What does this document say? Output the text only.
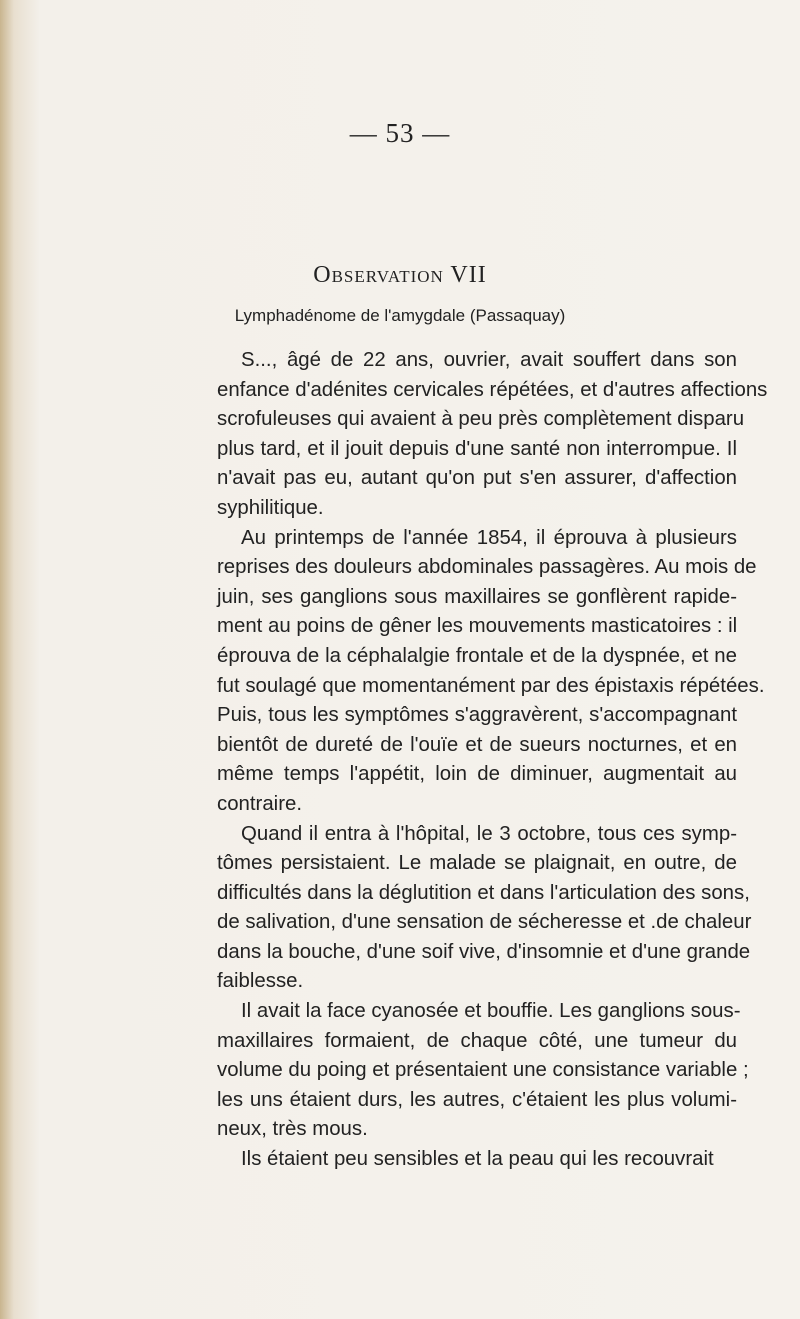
— 53 —
Observation VII
Lymphadénome de l'amygdale (Passaquay)
S..., âgé de 22 ans, ouvrier, avait souffert dans son
enfance d'adénites cervicales répétées, et d'autres affections
scrofuleuses qui avaient à peu près complètement disparu
plus tard, et il jouit depuis d'une santé non interrompue. Il
n'avait pas eu, autant qu'on put s'en assurer, d'affection
syphilitique.
Au printemps de l'année 1854, il éprouva à plusieurs
reprises des douleurs abdominales passagères. Au mois de
juin, ses ganglions sous maxillaires se gonflèrent rapide-
ment au poins de gêner les mouvements masticatoires : il
éprouva de la céphalalgie frontale et de la dyspnée, et ne
fut soulagé que momentanément par des épistaxis répétées.
Puis, tous les symptômes s'aggravèrent, s'accompagnant
bientôt de dureté de l'ouïe et de sueurs nocturnes, et en
même temps l'appétit, loin de diminuer, augmentait au
contraire.
Quand il entra à l'hôpital, le 3 octobre, tous ces symp-
tômes persistaient. Le malade se plaignait, en outre, de
difficultés dans la déglutition et dans l'articulation des sons,
de salivation, d'une sensation de sécheresse et .de chaleur
dans la bouche, d'une soif vive, d'insomnie et d'une grande
faiblesse.
Il avait la face cyanosée et bouffie. Les ganglions sous-
maxillaires formaient, de chaque côté, une tumeur du
volume du poing et présentaient une consistance variable ;
les uns étaient durs, les autres, c'étaient les plus volumi-
neux, très mous.
Ils étaient peu sensibles et la peau qui les recouvrait
